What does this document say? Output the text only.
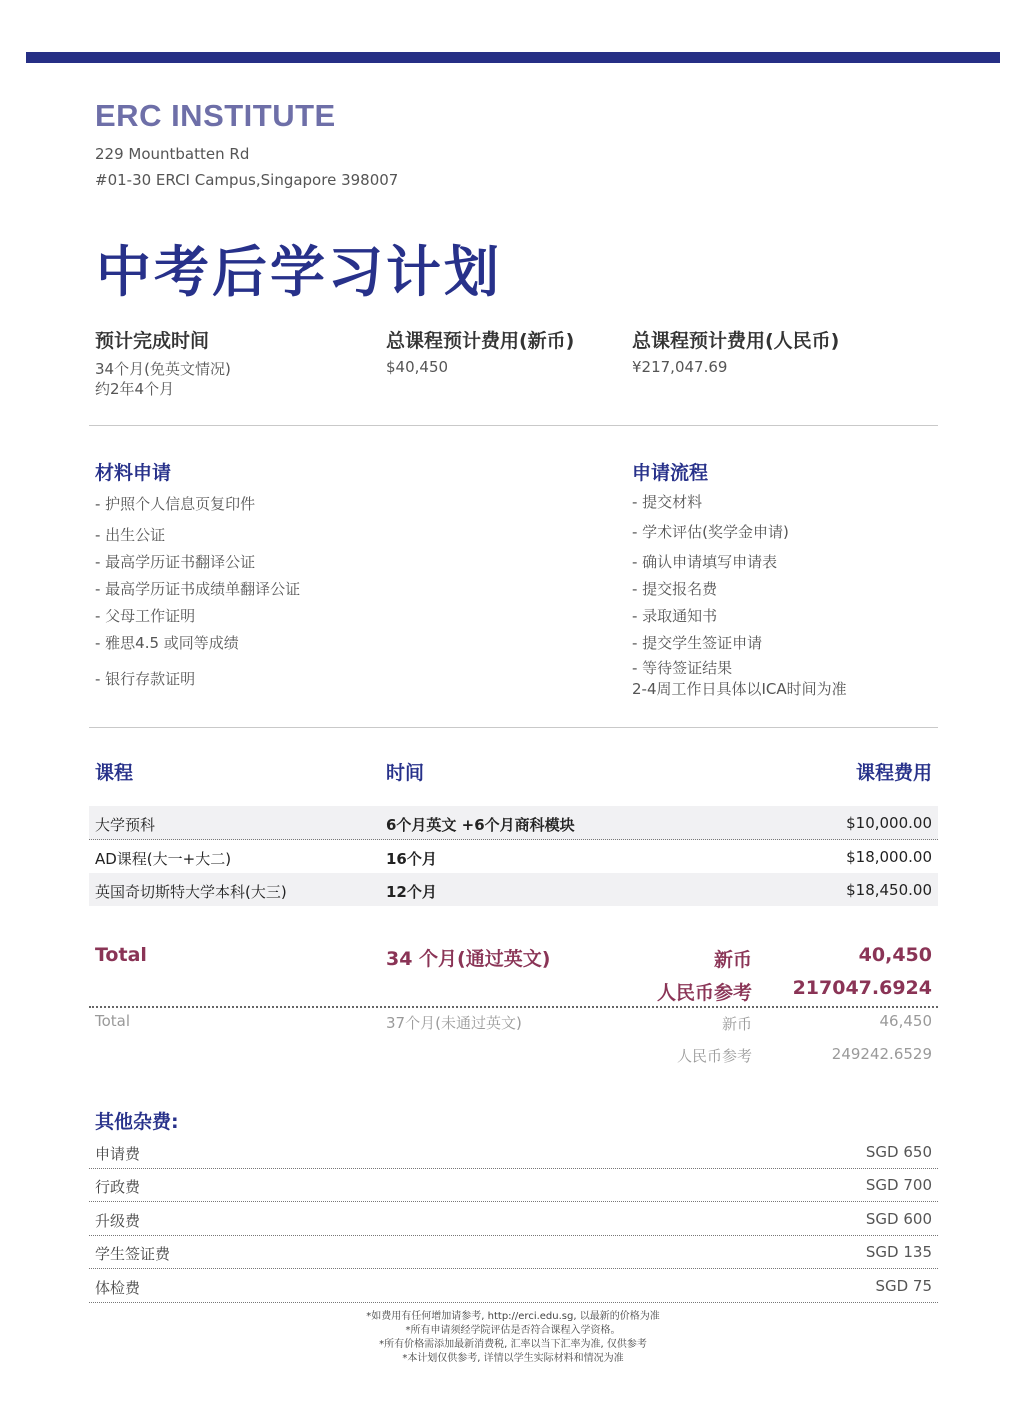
ERC INSTITUTE
229 Mountbatten Rd
#01-30 ERCI Campus,Singapore 398007
中考后学习计划
预计完成时间
34个月(免英文情况)
约2年4个月
总课程预计费用(新币)
$40,450
总课程预计费用(人民币)
¥217,047.69
材料申请
- 护照个人信息页复印件
- 出生公证
- 最高学历证书翻译公证
- 最高学历证书成绩单翻译公证
- 父母工作证明
- 雅思4.5 或同等成绩
- 银行存款证明
申请流程
- 提交材料
- 学术评估(奖学金申请)
- 确认申请填写申请表
- 提交报名费
- 录取通知书
- 提交学生签证申请
- 等待签证结果
2-4周工作日具体以ICA时间为准
课程	时间	课程费用
大学预科	6个月英文 +6个月商科模块	$10,000.00
AD课程(大一+大二)	16个月	$18,000.00
英国奇切斯特大学本科(大三)	12个月	$18,450.00
Total	34 个月(通过英文)	新币	40,450
人民币参考 217047.6924
Total	37个月(未通过英文)	新币	46,450
人民币参考	249242.6529
其他杂费:
申请费	SGD 650
行政费	SGD 700
升级费	SGD 600
学生签证费	SGD 135
体检费	SGD 75
*如费用有任何增加请参考, http://erci.edu.sg, 以最新的价格为准
*所有申请须经学院评估是否符合课程入学资格。
*所有价格需添加最新消费税, 汇率以当下汇率为准, 仅供参考
*本计划仅供参考, 详情以学生实际材料和情况为准
